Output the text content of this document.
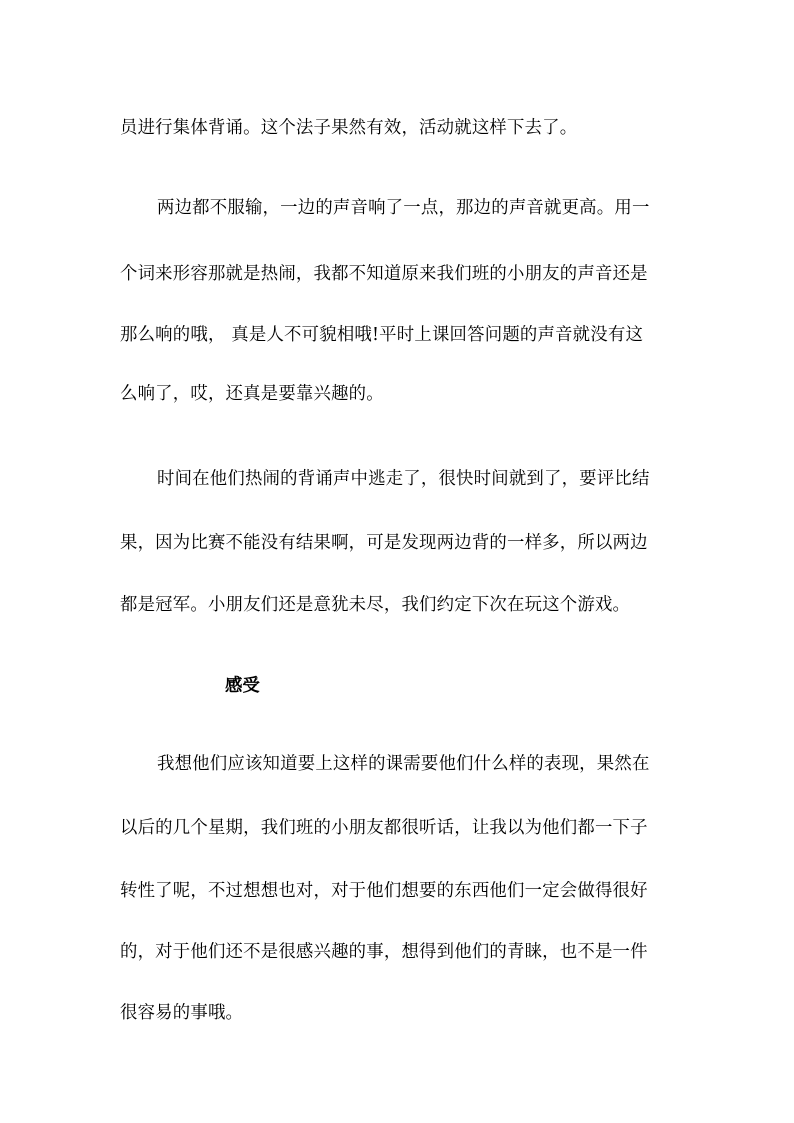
员进行集体背诵。这个法子果然有效，活动就这样下去了。
两边都不服输，一边的声音响了一点，那边的声音就更高。用一
个词来形容那就是热闹，我都不知道原来我们班的小朋友的声音还是
那么响的哦， 真是人不可貌相哦!平时上课回答问题的声音就没有这
么响了，哎，还真是要靠兴趣的。
时间在他们热闹的背诵声中逃走了，很快时间就到了，要评比结
果，因为比赛不能没有结果啊，可是发现两边背的一样多，所以两边
都是冠军。小朋友们还是意犹未尽，我们约定下次在玩这个游戏。
感受
我想他们应该知道要上这样的课需要他们什么样的表现，果然在
以后的几个星期，我们班的小朋友都很听话，让我以为他们都一下子
转性了呢，不过想想也对，对于他们想要的东西他们一定会做得很好
的，对于他们还不是很感兴趣的事，想得到他们的青睐，也不是一件
很容易的事哦。
